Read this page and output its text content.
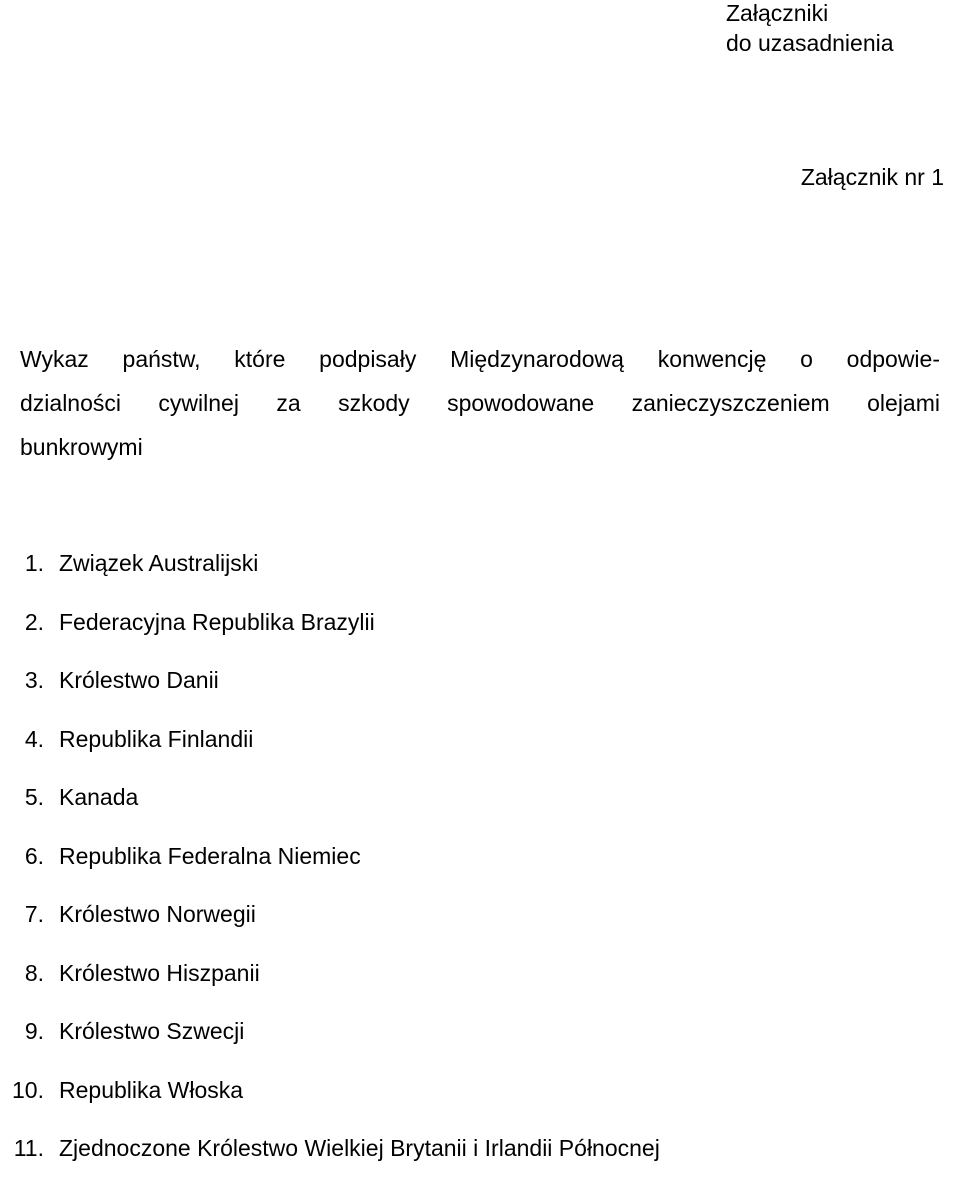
Załączniki
do uzasadnienia
Załącznik nr 1
Wykaz państw, które podpisały Międzynarodową konwencję o odpowie-
dzialności cywilnej za szkody spowodowane zanieczyszczeniem olejami
bunkrowymi
1. Związek Australijski
2. Federacyjna Republika Brazylii
3. Królestwo Danii
4. Republika Finlandii
5. Kanada
6. Republika Federalna Niemiec
7. Królestwo Norwegii
8. Królestwo Hiszpanii
9. Królestwo Szwecji
10. Republika Włoska
11. Zjednoczone Królestwo Wielkiej Brytanii i Irlandii Północnej
